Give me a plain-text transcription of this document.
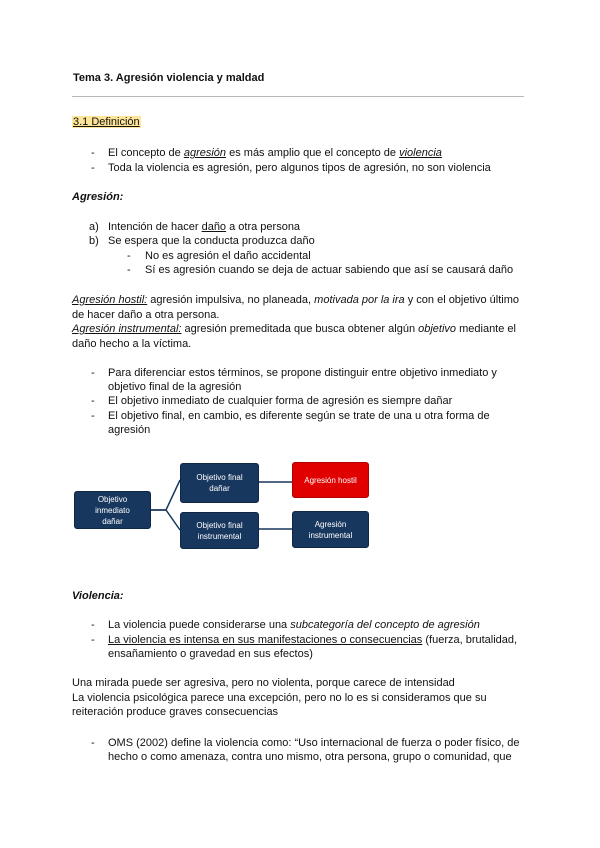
Tema 3. Agresión violencia y maldad
3.1 Definición
- El concepto de agresión es más amplio que el concepto de violencia
- Toda la violencia es agresión, pero algunos tipos de agresión, no son violencia
Agresión:
a) Intención de hacer daño a otra persona
b) Se espera que la conducta produzca daño
- No es agresión el daño accidental
- Sí es agresión cuando se deja de actuar sabiendo que así se causará daño
Agresión hostil: agresión impulsiva, no planeada, motivada por la ira y con el objetivo último
de hacer daño a otra persona.
Agresión instrumental: agresión premeditada que busca obtener algún objetivo mediante el
daño hecho a la víctima.
- Para diferenciar estos términos, se propone distinguir entre objetivo inmediato y
objetivo final de la agresión
- El objetivo inmediato de cualquier forma de agresión es siempre dañar
- El objetivo final, en cambio, es diferente según se trate de una u otra forma de
agresión
Objetivo
inmediato
dañar
Objetivo final
dañar
Objetivo final
instrumental
Agresión hostil
Agresión
instrumental
Violencia:
- La violencia puede considerarse una subcategoría del concepto de agresión
- La violencia es intensa en sus manifestaciones o consecuencias (fuerza, brutalidad,
ensañamiento o gravedad en sus efectos)
Una mirada puede ser agresiva, pero no violenta, porque carece de intensidad
La violencia psicológica parece una excepción, pero no lo es si consideramos que su
reiteración produce graves consecuencias
- OMS (2002) define la violencia como: “Uso internacional de fuerza o poder físico, de
hecho o como amenaza, contra uno mismo, otra persona, grupo o comunidad, que
